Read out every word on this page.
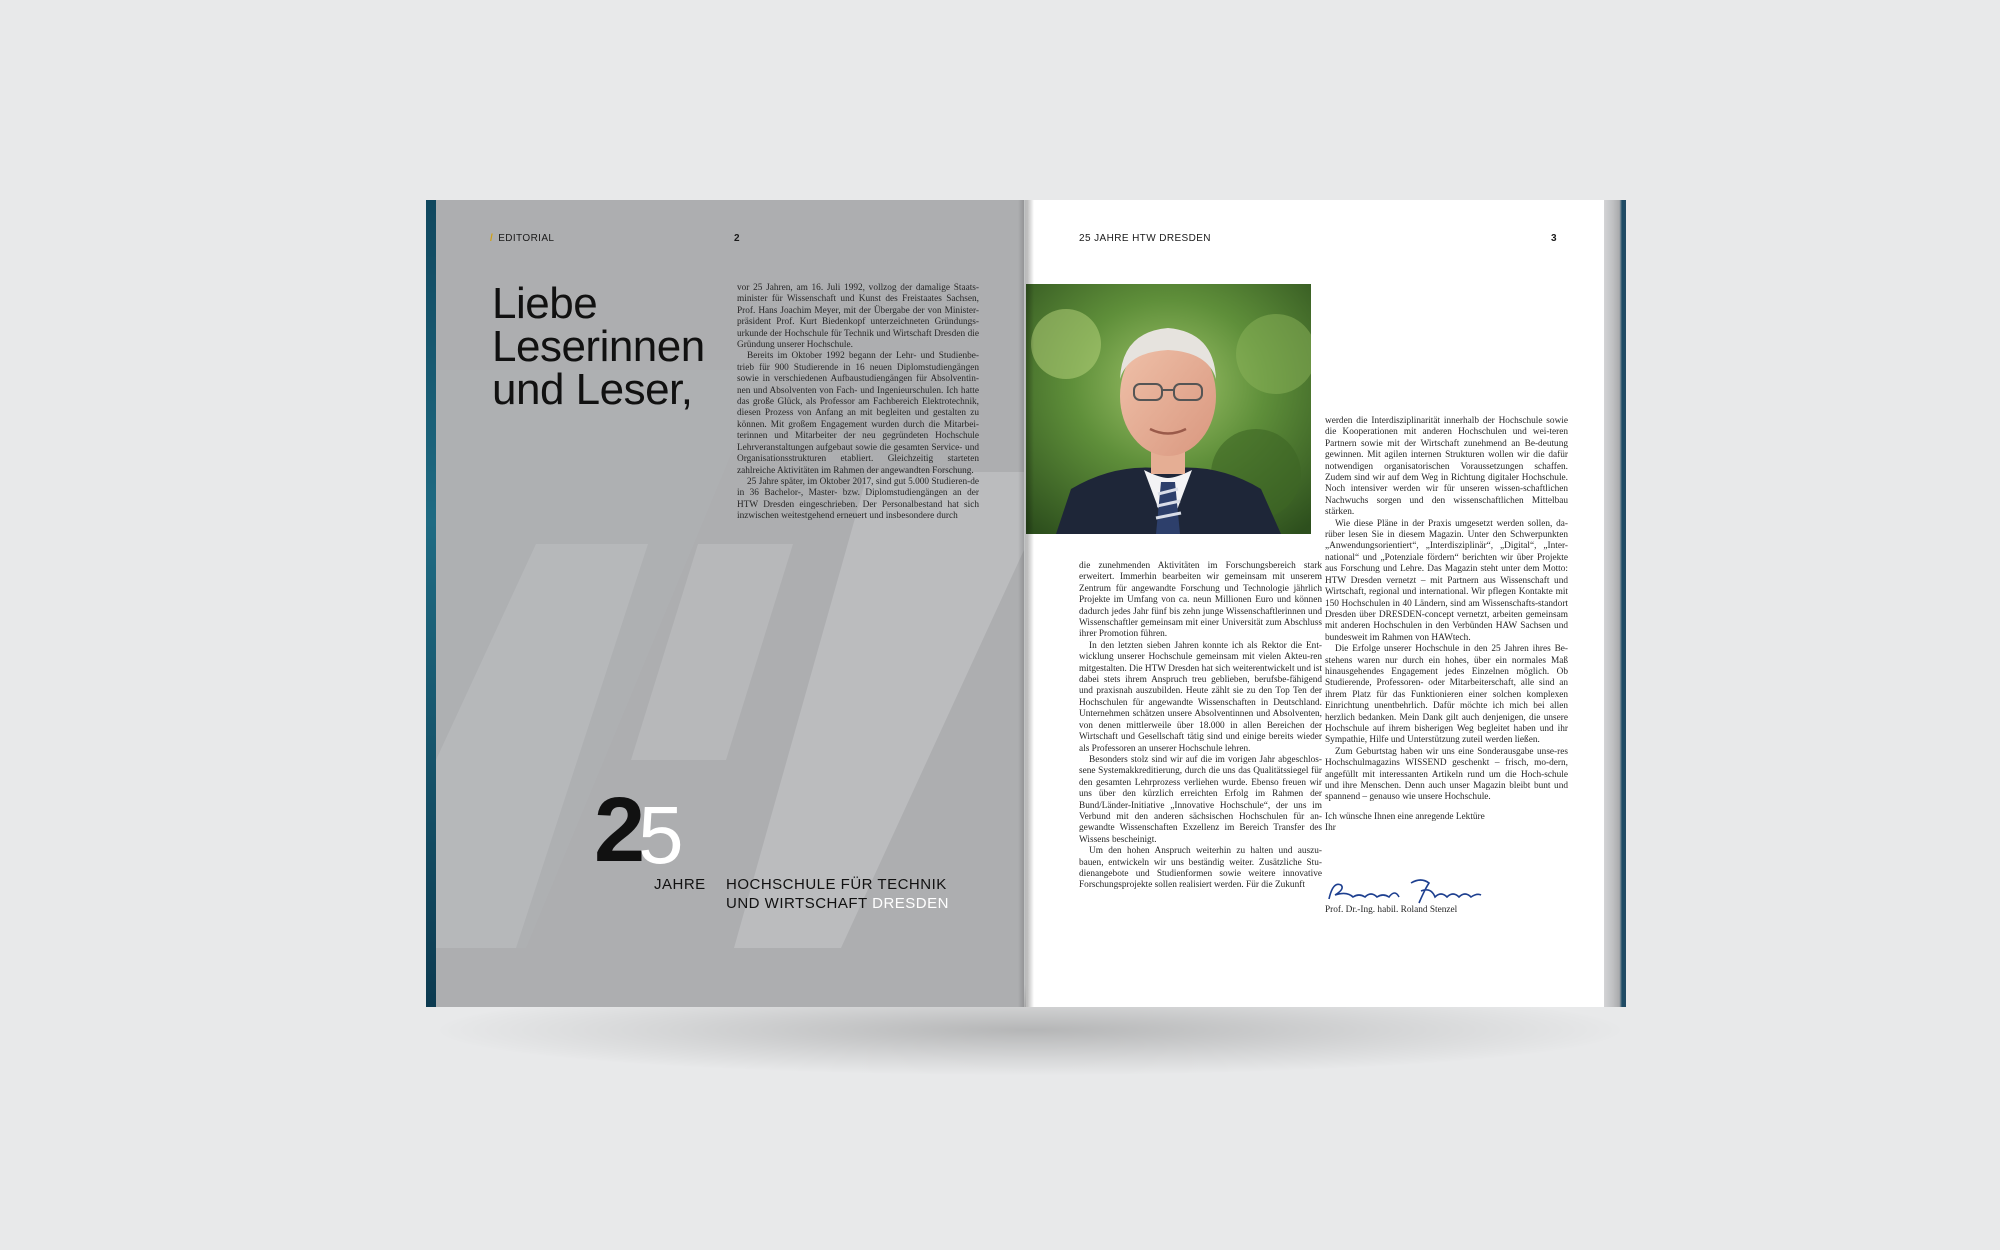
/ EDITORIAL	2
Liebe
Leserinnen
und Leser,

vor 25 Jahren, am 16. Juli 1992, vollzog der damalige Staats-minister für Wissenschaft und Kunst des Freistaates Sachsen, Prof. Hans Joachim Meyer, mit der Übergabe der von Minister-präsident Prof. Kurt Biedenkopf unterzeichneten Gründungs-urkunde der Hochschule für Technik und Wirtschaft Dresden die Gründung unserer Hochschule.

Bereits im Oktober 1992 begann der Lehr- und Studienbe-trieb für 900 Studierende in 16 neuen Diplomstudiengängen sowie in verschiedenen Aufbaustudiengängen für Absolventin-nen und Absolventen von Fach- und Ingenieurschulen. Ich hatte das große Glück, als Professor am Fachbereich Elektrotechnik, diesen Prozess von Anfang an mit begleiten und gestalten zu können. Mit großem Engagement wurden durch die Mitarbei-terinnen und Mitarbeiter der neu gegründeten Hochschule Lehrveranstaltungen aufgebaut sowie die gesamten Service- und Organisationsstrukturen etabliert. Gleichzeitig starteten zahlreiche Aktivitäten im Rahmen der angewandten Forschung.

25 Jahre später, im Oktober 2017, sind gut 5.000 Studieren-de in 36 Bachelor-, Master- bzw. Diplomstudiengängen an der HTW Dresden eingeschrieben. Der Personalbestand hat sich inzwischen weitestgehend erneuert und insbesondere durch

2
5
JAHRE HOCHSCHULE FÜR TECHNIK
UND WIRTSCHAFT DRESDEN
25 JAHRE HTW DRESDEN	3

die zunehmenden Aktivitäten im Forschungsbereich stark erweitert. Immerhin bearbeiten wir gemeinsam mit unserem Zentrum für angewandte Forschung und Technologie jährlich Projekte im Umfang von ca. neun Millionen Euro und können dadurch jedes Jahr fünf bis zehn junge Wissenschaftlerinnen und Wissenschaftler gemeinsam mit einer Universität zum Abschluss ihrer Promotion führen.

In den letzten sieben Jahren konnte ich als Rektor die Ent-wicklung unserer Hochschule gemeinsam mit vielen Akteu-ren mitgestalten. Die HTW Dresden hat sich weiterentwickelt und ist dabei stets ihrem Anspruch treu geblieben, berufsbe-fähigend und praxisnah auszubilden. Heute zählt sie zu den Top Ten der Hochschulen für angewandte Wissenschaften in Deutschland. Unternehmen schätzen unsere Absolventinnen und Absolventen, von denen mittlerweile über 18.000 in allen Bereichen der Wirtschaft und Gesellschaft tätig sind und einige bereits wieder als Professoren an unserer Hochschule lehren.

Besonders stolz sind wir auf die im vorigen Jahr abgeschlos-sene Systemakkreditierung, durch die uns das Qualitätssiegel für den gesamten Lehrprozess verliehen wurde. Ebenso freuen wir uns über den kürzlich erreichten Erfolg im Rahmen der Bund/Länder-Initiative „Innovative Hochschule“, der uns im Verbund mit den anderen sächsischen Hochschulen für an-gewandte Wissenschaften Exzellenz im Bereich Transfer des Wissens bescheinigt.

Um den hohen Anspruch weiterhin zu halten und auszu-bauen, entwickeln wir uns beständig weiter. Zusätzliche Stu-dienangebote und Studienformen sowie weitere innovative Forschungsprojekte sollen realisiert werden. Für die Zukunft

werden die Interdisziplinarität innerhalb der Hochschule sowie die Kooperationen mit anderen Hochschulen und wei-teren Partnern sowie mit der Wirtschaft zunehmend an Be-deutung gewinnen. Mit agilen internen Strukturen wollen wir die dafür notwendigen organisatorischen Voraussetzungen schaffen. Zudem sind wir auf dem Weg in Richtung digitaler Hochschule. Noch intensiver werden wir für unseren wissen-schaftlichen Nachwuchs sorgen und den wissenschaftlichen Mittelbau stärken.

Wie diese Pläne in der Praxis umgesetzt werden sollen, da-rüber lesen Sie in diesem Magazin. Unter den Schwerpunkten „Anwendungsorientiert“, „Interdisziplinär“, „Digital“, „Inter-national“ und „Potenziale fördern“ berichten wir über Projekte aus Forschung und Lehre. Das Magazin steht unter dem Motto: HTW Dresden vernetzt – mit Partnern aus Wissenschaft und Wirtschaft, regional und international. Wir pflegen Kontakte mit 150 Hochschulen in 40 Ländern, sind am Wissenschafts-standort Dresden über DRESDEN-concept vernetzt, arbeiten gemeinsam mit anderen Hochschulen in den Verbünden HAW Sachsen und bundesweit im Rahmen von HAWtech.

Die Erfolge unserer Hochschule in den 25 Jahren ihres Be-stehens waren nur durch ein hohes, über ein normales Maß hinausgehendes Engagement jedes Einzelnen möglich. Ob Studierende, Professoren- oder Mitarbeiterschaft, alle sind an ihrem Platz für das Funktionieren einer solchen komplexen Einrichtung unentbehrlich. Dafür möchte ich mich bei allen herzlich bedanken. Mein Dank gilt auch denjenigen, die unsere Hochschule auf ihrem bisherigen Weg begleitet haben und ihr Sympathie, Hilfe und Unterstützung zuteil werden ließen.

Zum Geburtstag haben wir uns eine Sonderausgabe unse-res Hochschulmagazins WISSEND geschenkt – frisch, mo-dern, angefüllt mit interessanten Artikeln rund um die Hoch-schule und ihre Menschen. Denn auch unser Magazin bleibt bunt und spannend – genauso wie unsere Hochschule.

Ich wünsche Ihnen eine anregende Lektüre

Ihr

Prof. Dr.-Ing. habil. Roland Stenzel
